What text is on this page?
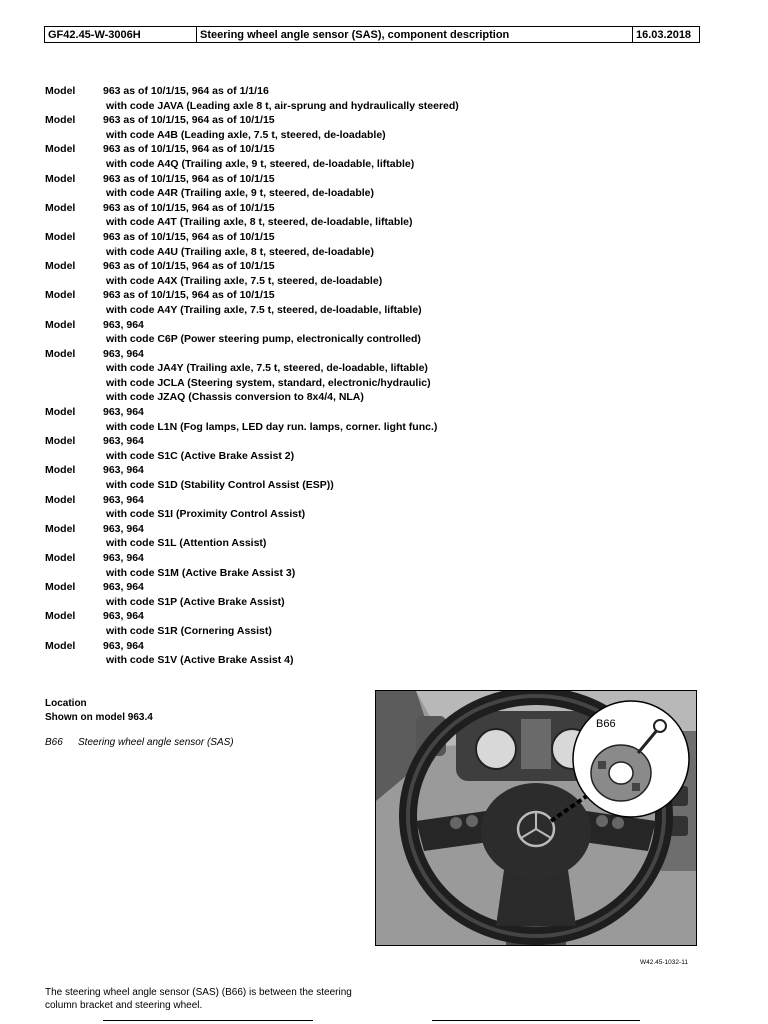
GF42.45-W-3006H	Steering wheel angle sensor (SAS), component description	16.03.2018
Model	963 as of 10/1/15, 964 as of 1/1/16
with code JAVA (Leading axle 8 t, air-sprung and hydraulically steered)
Model	963 as of 10/1/15, 964 as of 10/1/15
with code A4B (Leading axle, 7.5 t, steered, de-loadable)
Model	963 as of 10/1/15, 964 as of 10/1/15
with code A4Q (Trailing axle, 9 t, steered, de-loadable, liftable)
Model	963 as of 10/1/15, 964 as of 10/1/15
with code A4R (Trailing axle, 9 t, steered, de-loadable)
Model	963 as of 10/1/15, 964 as of 10/1/15
with code A4T (Trailing axle, 8 t, steered, de-loadable, liftable)
Model	963 as of 10/1/15, 964 as of 10/1/15
with code A4U (Trailing axle, 8 t, steered, de-loadable)
Model	963 as of 10/1/15, 964 as of 10/1/15
with code A4X (Trailing axle, 7.5 t, steered, de-loadable)
Model	963 as of 10/1/15, 964 as of 10/1/15
with code A4Y (Trailing axle, 7.5 t, steered, de-loadable, liftable)
Model	963, 964
with code C6P (Power steering pump, electronically controlled)
Model	963, 964
with code JA4Y (Trailing axle, 7.5 t, steered, de-loadable, liftable)
with code JCLA (Steering system, standard, electronic/hydraulic)
with code JZAQ (Chassis conversion to 8x4/4, NLA)
Model	963, 964
with code L1N (Fog lamps, LED day run. lamps, corner. light func.)
Model	963, 964
with code S1C (Active Brake Assist 2)
Model	963, 964
with code S1D (Stability Control Assist (ESP))
Model	963, 964
with code S1I (Proximity Control Assist)
Model	963, 964
with code S1L (Attention Assist)
Model	963, 964
with code S1M (Active Brake Assist 3)
Model	963, 964
with code S1P (Active Brake Assist)
Model	963, 964
with code S1R (Cornering Assist)
Model	963, 964
with code S1V (Active Brake Assist 4)
Location
Shown on model 963.4
B66	Steering wheel angle sensor (SAS)
B66
W42.45-1032-11
The steering wheel angle sensor (SAS) (B66) is between the steering column bracket and steering wheel.
